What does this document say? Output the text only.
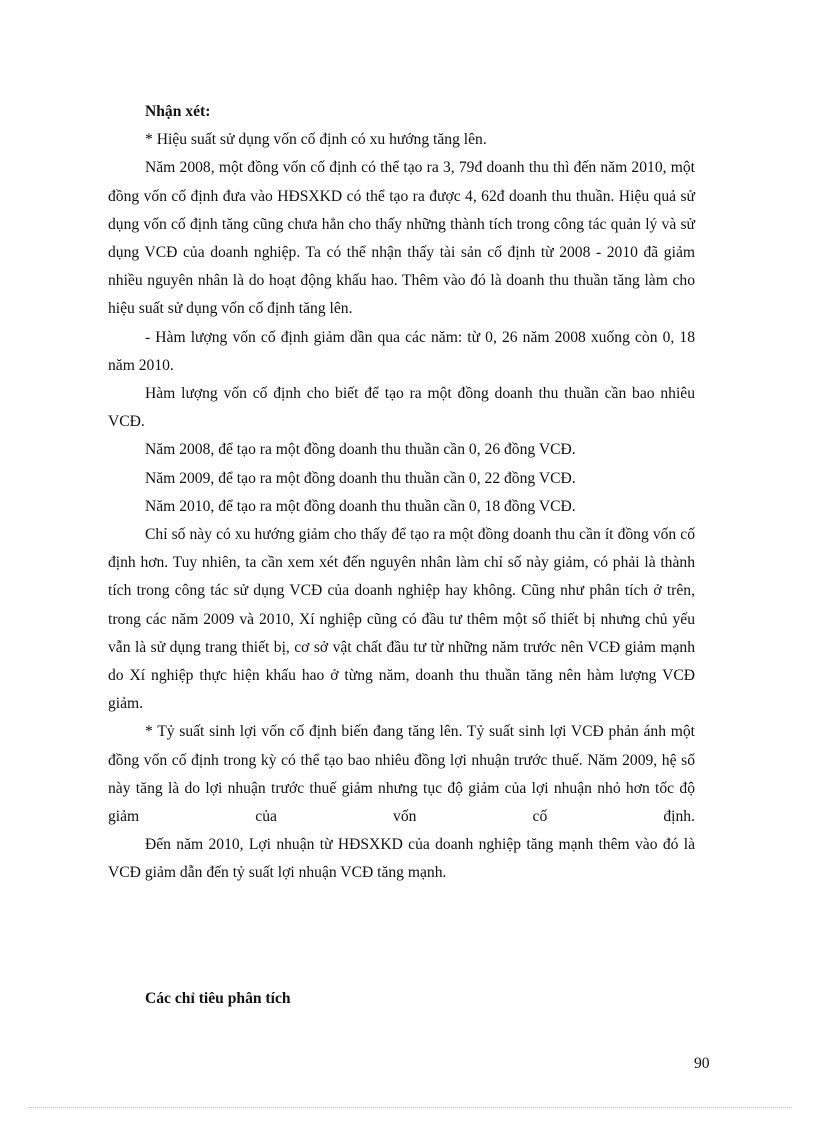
Nhận xét:

* Hiệu suất sử dụng vốn cố định có xu hướng tăng lên.

Năm 2008, một đồng vốn cố định có thể tạo ra 3, 79đ doanh thu thì đến năm 2010, một đồng vốn cố định đưa vào HĐSXKD có thể tạo ra được 4, 62đ doanh thu thuần. Hiệu quả sử dụng vốn cố định tăng cũng chưa hẳn cho thấy những thành tích trong công tác quản lý và sử dụng VCĐ của doanh nghiệp. Ta có thể nhận thấy tài sản cố định từ 2008 - 2010 đã giảm nhiều nguyên nhân là do hoạt động khấu hao. Thêm vào đó là doanh thu thuần tăng làm cho hiệu suất sử dụng vốn cố định tăng lên.

- Hàm lượng vốn cố định giảm dần qua các năm: từ 0, 26 năm 2008 xuống còn 0, 18 năm 2010.

Hàm lượng vốn cố định cho biết để tạo ra một đồng doanh thu thuần cần bao nhiêu VCĐ.

Năm 2008, để tạo ra một đồng doanh thu thuần cần 0, 26 đồng VCĐ.

Năm 2009, để tạo ra một đồng doanh thu thuần cần 0, 22 đồng VCĐ.

Năm 2010, để tạo ra một đồng doanh thu thuần cần 0, 18 đồng VCĐ.

Chỉ số này có xu hướng giảm cho thấy để tạo ra một đồng doanh thu cần ít đồng vốn cố định hơn. Tuy nhiên, ta cần xem xét đến nguyên nhân làm chỉ số này giảm, có phải là thành tích trong công tác sử dụng VCĐ của doanh nghiệp hay không. Cũng như phân tích ở trên, trong các năm 2009 và 2010, Xí nghiệp cũng có đầu tư thêm một số thiết bị nhưng chủ yếu vẫn là sử dụng trang thiết bị, cơ sở vật chất đầu tư từ những năm trước nên VCĐ giảm mạnh do Xí nghiệp thực hiện khấu hao ở từng năm, doanh thu thuần tăng nên hàm lượng VCĐ giảm.

* Tỷ suất sinh lợi vốn cố định biến đang tăng lên. Tỷ suất sinh lợi VCĐ phản ánh một đồng vốn cố định trong kỳ có thể tạo bao nhiêu đồng lợi nhuận trước thuế. Năm 2009, hệ số này tăng là do lợi nhuận trước thuế giảm nhưng tục độ giảm của lợi nhuận nhỏ hơn tốc độ giảm của vốn cố định.

Đến năm 2010, Lợi nhuận từ HĐSXKD của doanh nghiệp tăng mạnh thêm vào đó là VCĐ giảm dẫn đến tỷ suất lợi nhuận VCĐ tăng mạnh.

Các chỉ tiêu phân tích

90
